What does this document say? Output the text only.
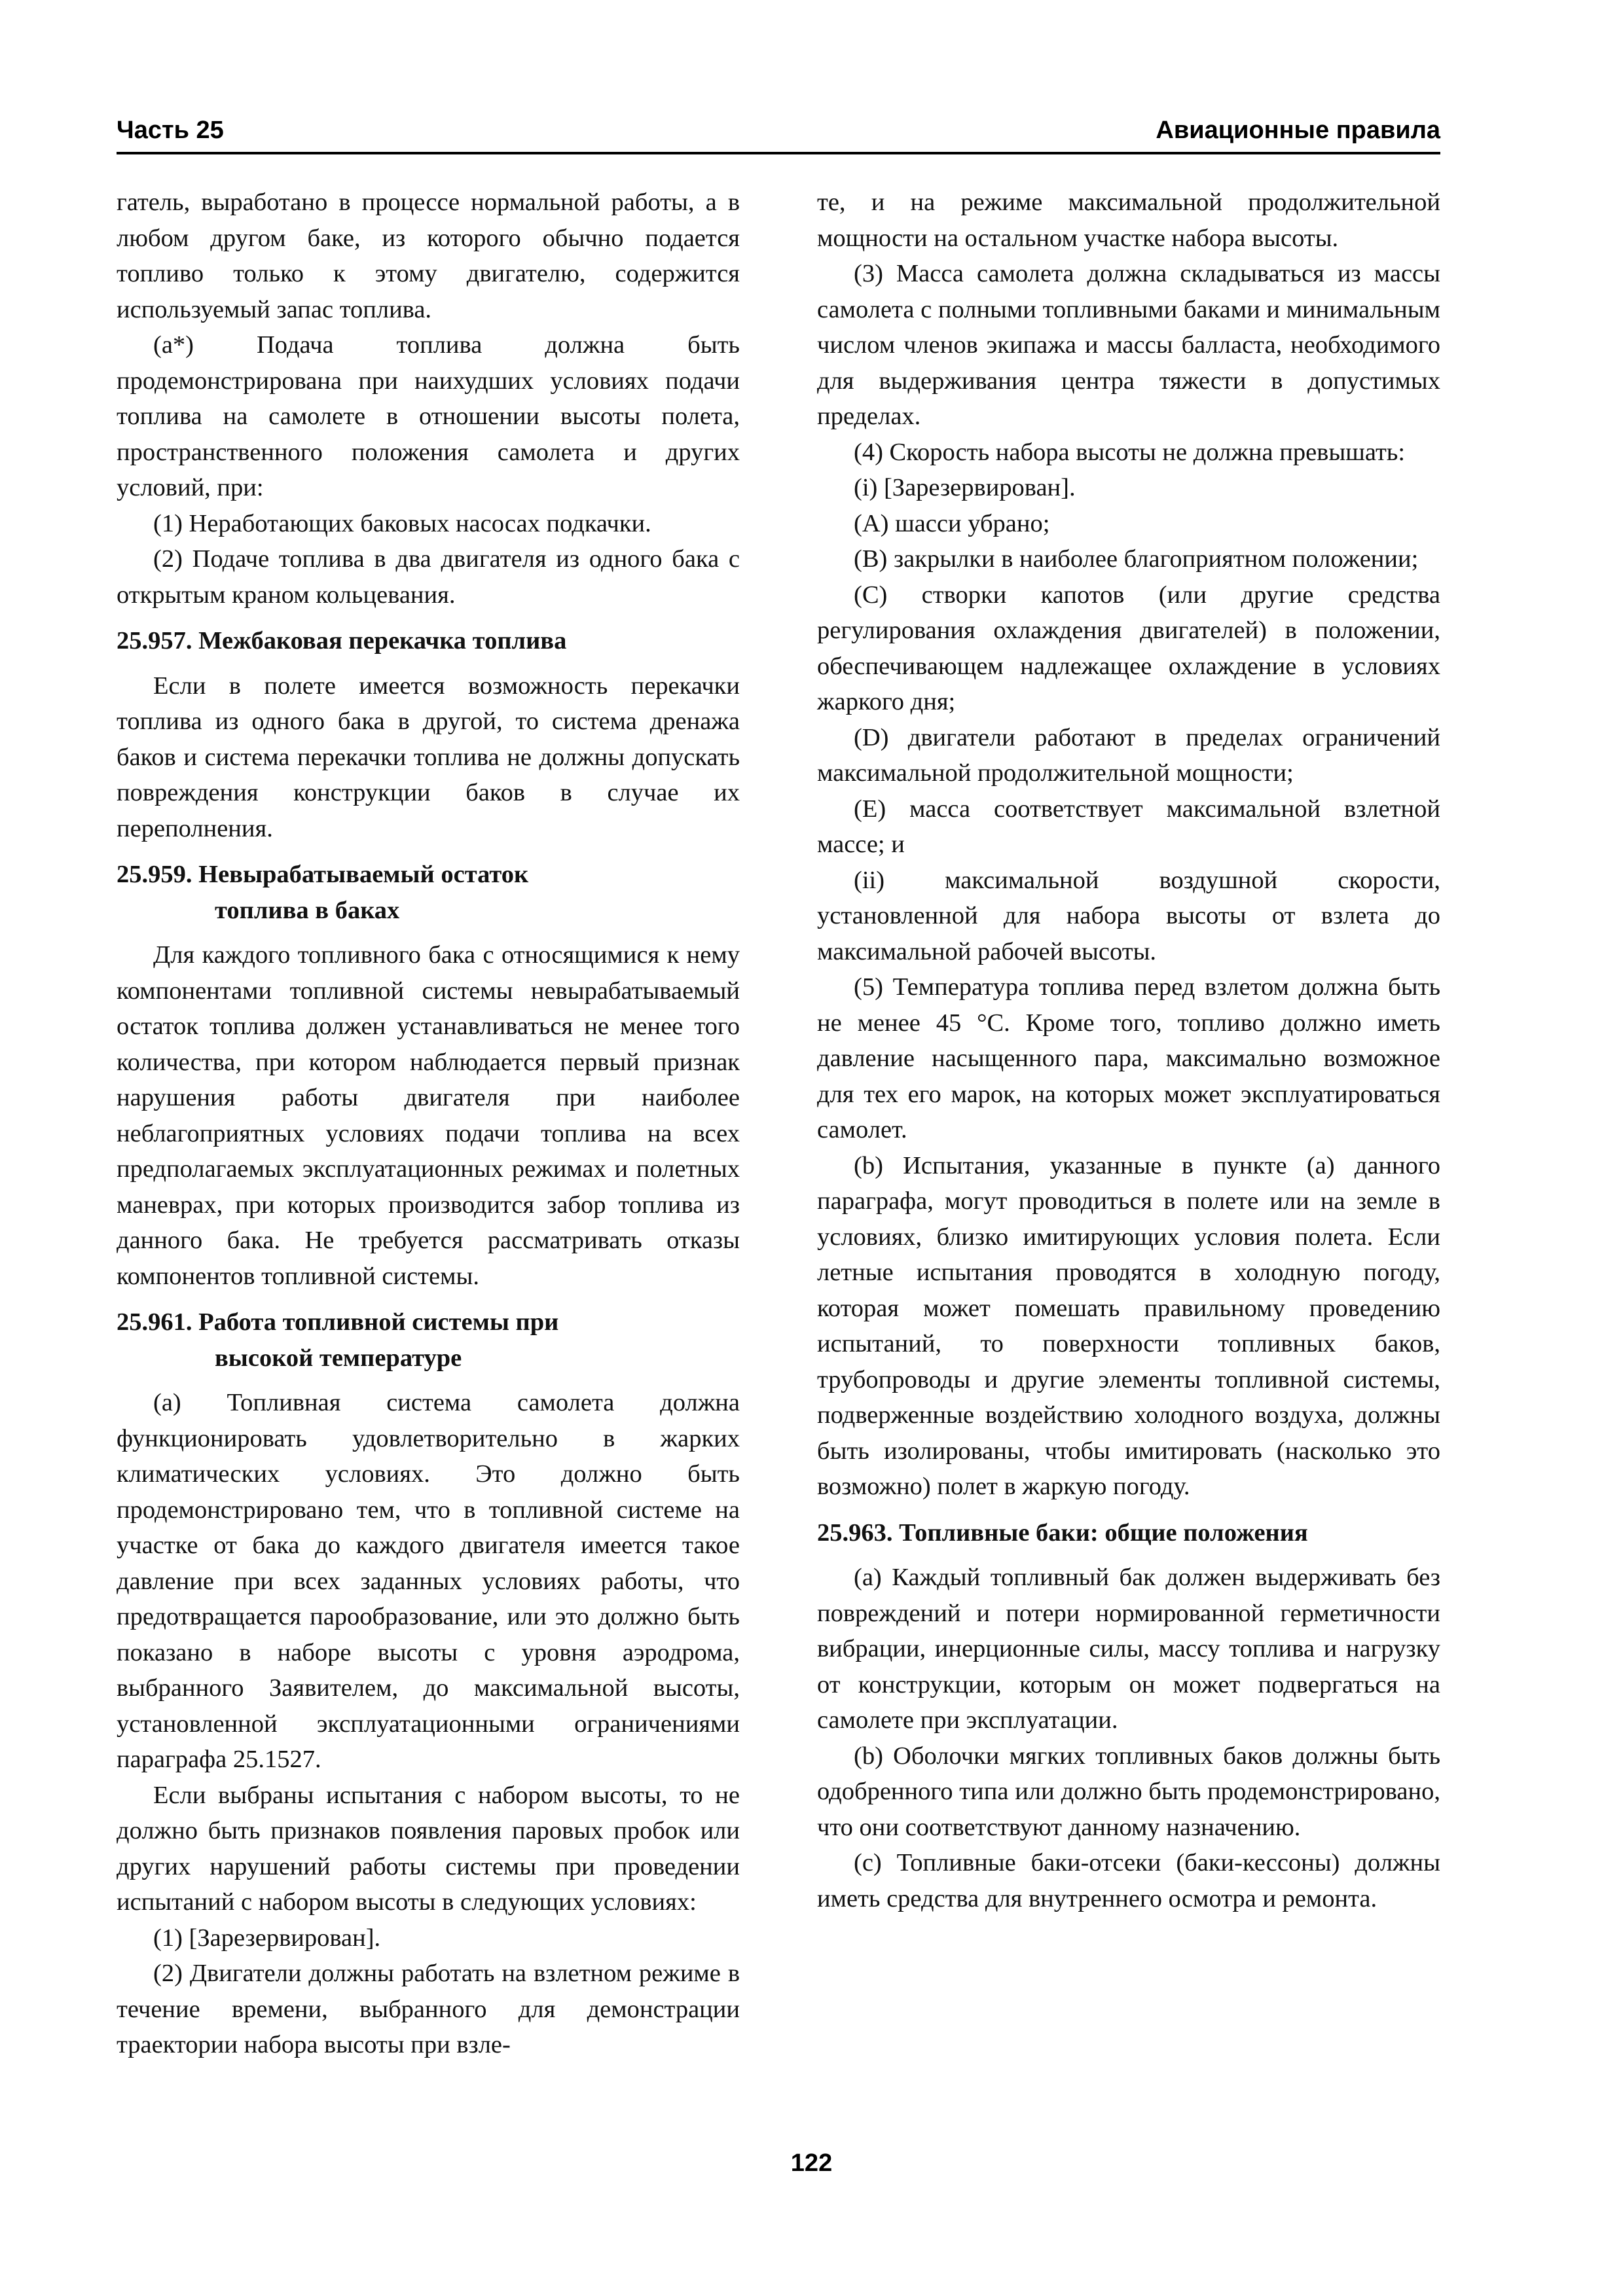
Часть 25	Авиационные правила

гатель, выработано в процессе нормальной работы, а в любом другом баке, из которого обычно подается топливо только к этому двигателю, содержится используемый запас топлива.

(a*) Подача топлива должна быть продемонстрирована при наихудших условиях подачи топлива на самолете в отношении высоты полета, пространственного положения самолета и других условий, при:

(1) Неработающих баковых насосах подкачки.

(2) Подаче топлива в два двигателя из одного бака с открытым краном кольцевания.

25.957. Межбаковая перекачка топлива

Если в полете имеется возможность перекачки топлива из одного бака в другой, то система дренажа баков и система перекачки топлива не должны допускать повреждения конструкции баков в случае их переполнения.

25.959. Невырабатываемый остаток
топлива в баках

Для каждого топливного бака с относящимися к нему компонентами топливной системы невырабатываемый остаток топлива должен устанавливаться не менее того количества, при котором наблюдается первый признак нарушения работы двигателя при наиболее неблагоприятных условиях подачи топлива на всех предполагаемых эксплуатационных режимах и полетных маневрах, при которых производится забор топлива из данного бака. Не требуется рассматривать отказы компонентов топливной системы.

25.961. Работа топливной системы при
высокой температуре

(a) Топливная система самолета должна функционировать удовлетворительно в жарких климатических условиях. Это должно быть продемонстрировано тем, что в топливной системе на участке от бака до каждого двигателя имеется такое давление при всех заданных условиях работы, что предотвращается парообразование, или это должно быть показано в наборе высоты с уровня аэродрома, выбранного Заявителем, до максимальной высоты, установленной эксплуатационными ограничениями параграфа 25.1527.

Если выбраны испытания с набором высоты, то не должно быть признаков появления паровых пробок или других нарушений работы системы при проведении испытаний с набором высоты в следующих условиях:

(1) [Зарезервирован].

(2) Двигатели должны работать на взлетном режиме в течение времени, выбранного для демонстрации траектории набора высоты при взле-

те, и на режиме максимальной продолжительной мощности на остальном участке набора высоты.

(3) Масса самолета должна складываться из массы самолета с полными топливными баками и минимальным числом членов экипажа и массы балласта, необходимого для выдерживания центра тяжести в допустимых пределах.

(4) Скорость набора высоты не должна превышать:

(i) [Зарезервирован].

(A) шасси убрано;

(B) закрылки в наиболее благоприятном положении;

(C) створки капотов (или другие средства регулирования охлаждения двигателей) в положении, обеспечивающем надлежащее охлаждение в условиях жаркого дня;

(D) двигатели работают в пределах ограничений максимальной продолжительной мощности;

(E) масса соответствует максимальной взлетной массе; и

(ii) максимальной воздушной скорости, установленной для набора высоты от взлета до максимальной рабочей высоты.

(5) Температура топлива перед взлетом должна быть не менее 45 °C. Кроме того, топливо должно иметь давление насыщенного пара, максимально возможное для тех его марок, на которых может эксплуатироваться самолет.

(b) Испытания, указанные в пункте (a) данного параграфа, могут проводиться в полете или на земле в условиях, близко имитирующих условия полета. Если летные испытания проводятся в холодную погоду, которая может помешать правильному проведению испытаний, то поверхности топливных баков, трубопроводы и другие элементы топливной системы, подверженные воздействию холодного воздуха, должны быть изолированы, чтобы имитировать (насколько это возможно) полет в жаркую погоду.

25.963. Топливные баки: общие положения

(a) Каждый топливный бак должен выдерживать без повреждений и потери нормированной герметичности вибрации, инерционные силы, массу топлива и нагрузку от конструкции, которым он может подвергаться на самолете при эксплуатации.

(b) Оболочки мягких топливных баков должны быть одобренного типа или должно быть продемонстрировано, что они соответствуют данному назначению.

(c) Топливные баки-отсеки (баки-кессоны) должны иметь средства для внутреннего осмотра и ремонта.

122
